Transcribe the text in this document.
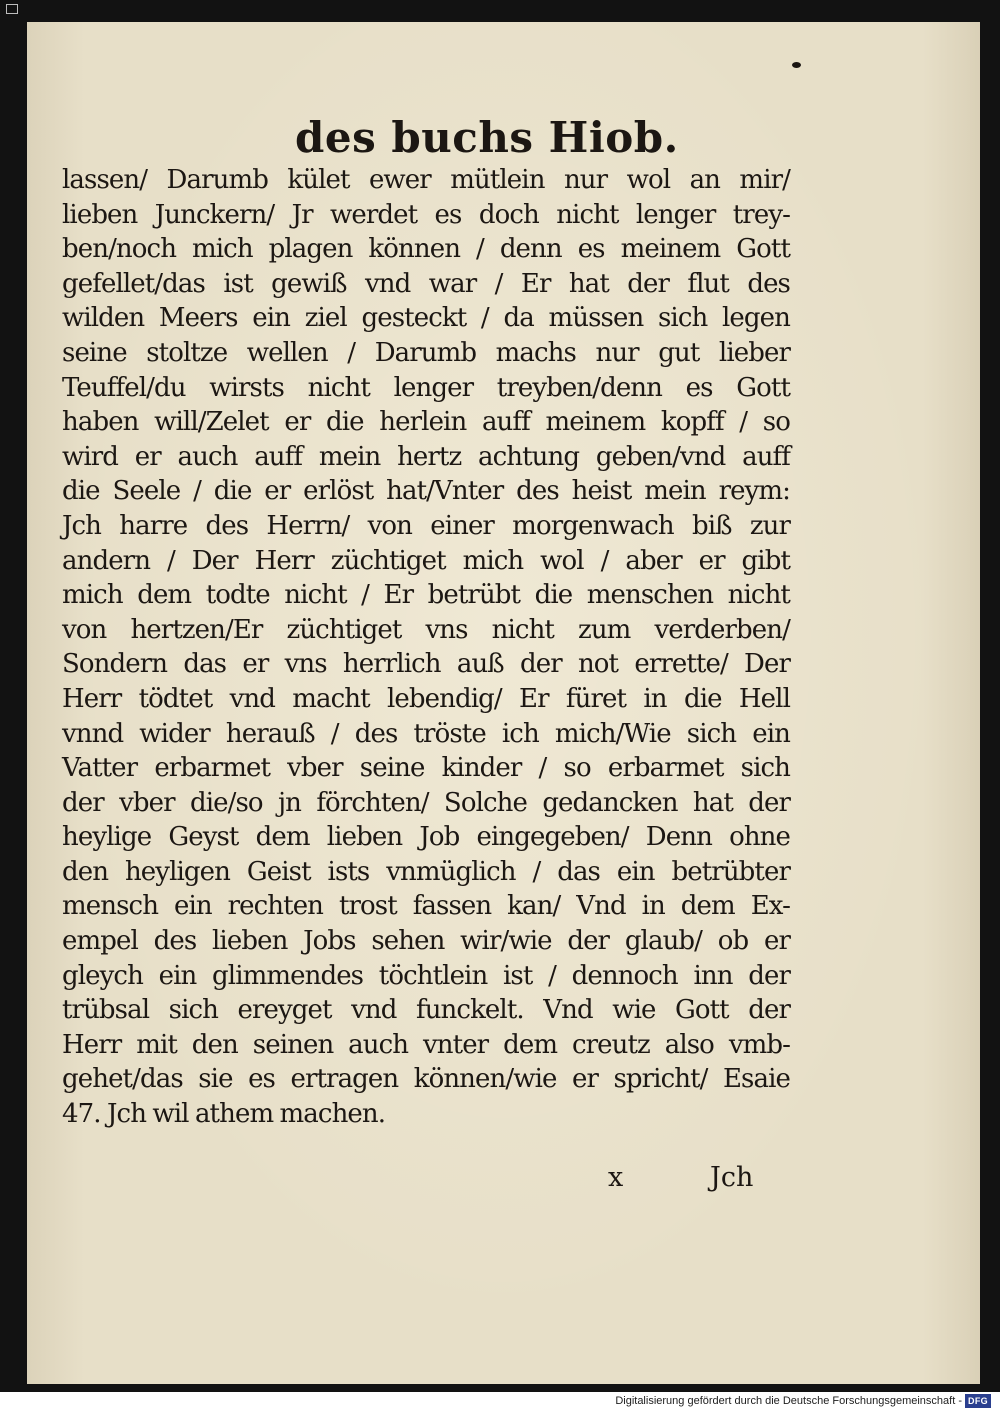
des buchs Hiob.
lassen/ Darumb kület ewer mütlein nur wol an mir/
lieben Junckern/ Jr werdet es doch nicht lenger trey-
ben/noch mich plagen können / denn es meinem Gott
gefellet/das ist gewiß vnd war / Er hat der flut des
wilden Meers ein ziel gesteckt / da müssen sich legen
seine stoltze wellen / Darumb machs nur gut lieber
Teuffel/du wirsts nicht lenger treyben/denn es Gott
haben will/Zelet er die herlein auff meinem kopff / so
wird er auch auff mein hertz achtung geben/vnd auff
die Seele / die er erlöst hat/Vnter des heist mein reym:
Jch harre des Herrn/ von einer morgenwach biß zur
andern / Der Herr züchtiget mich wol / aber er gibt
mich dem todte nicht / Er betrübt die menschen nicht
von hertzen/Er züchtiget vns nicht zum verderben/
Sondern das er vns herrlich auß der not errette/ Der
Herr tödtet vnd macht lebendig/ Er füret in die Hell
vnnd wider herauß / des tröste ich mich/Wie sich ein
Vatter erbarmet vber seine kinder / so erbarmet sich
der vber die/so jn förchten/ Solche gedancken hat der
heylige Geyst dem lieben Job eingegeben/ Denn ohne
den heyligen Geist ists vnmüglich / das ein betrübter
mensch ein rechten trost fassen kan/ Vnd in dem Ex-
empel des lieben Jobs sehen wir/wie der glaub/ ob er
gleych ein glimmendes töchtlein ist / dennoch inn der
trübsal sich ereyget vnd funckelt. Vnd wie Gott der
Herr mit den seinen auch vnter dem creutz also vmb-
gehet/das sie es ertragen können/wie er spricht/ Esaie
47. Jch wil athem machen.
x	Jch
Digitalisierung gefördert durch die Deutsche Forschungsgemeinschaft - DFG
